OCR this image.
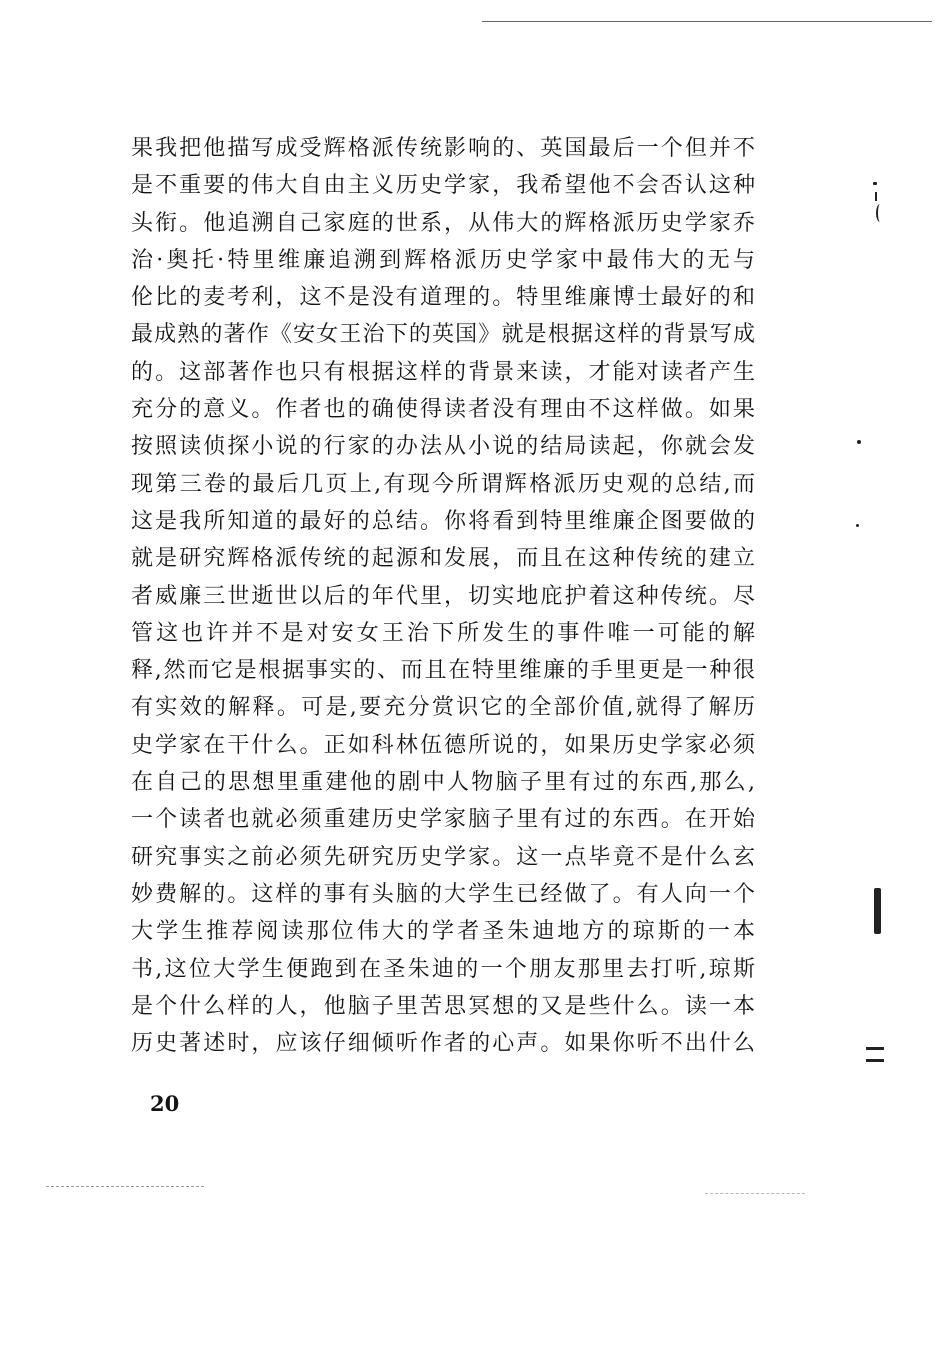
果我把他描写成受辉格派传统影响的、英国最后一个但并不
是不重要的伟大自由主义历史学家，我希望他不会否认这种
头衔。他追溯自己家庭的世系，从伟大的辉格派历史学家乔
治·奥托·特里维廉追溯到辉格派历史学家中最伟大的无与
伦比的麦考利，这不是没有道理的。特里维廉博士最好的和
最成熟的著作《安女王治下的英国》就是根据这样的背景写成
的。这部著作也只有根据这样的背景来读，才能对读者产生
充分的意义。作者也的确使得读者没有理由不这样做。如果
按照读侦探小说的行家的办法从小说的结局读起，你就会发
现第三卷的最后几页上,有现今所谓辉格派历史观的总结,而
这是我所知道的最好的总结。你将看到特里维廉企图要做的
就是研究辉格派传统的起源和发展，而且在这种传统的建立
者威廉三世逝世以后的年代里，切实地庇护着这种传统。尽
管这也许并不是对安女王治下所发生的事件唯一可能的解
释,然而它是根据事实的、而且在特里维廉的手里更是一种很
有实效的解释。可是,要充分赏识它的全部价值,就得了解历
史学家在干什么。正如科林伍德所说的，如果历史学家必须
在自己的思想里重建他的剧中人物脑子里有过的东西,那么,
一个读者也就必须重建历史学家脑子里有过的东西。在开始
研究事实之前必须先研究历史学家。这一点毕竟不是什么玄
妙费解的。这样的事有头脑的大学生已经做了。有人向一个
大学生推荐阅读那位伟大的学者圣朱迪地方的琼斯的一本
书,这位大学生便跑到在圣朱迪的一个朋友那里去打听,琼斯
是个什么样的人，他脑子里苦思冥想的又是些什么。读一本
历史著述时，应该仔细倾听作者的心声。如果你听不出什么
20
